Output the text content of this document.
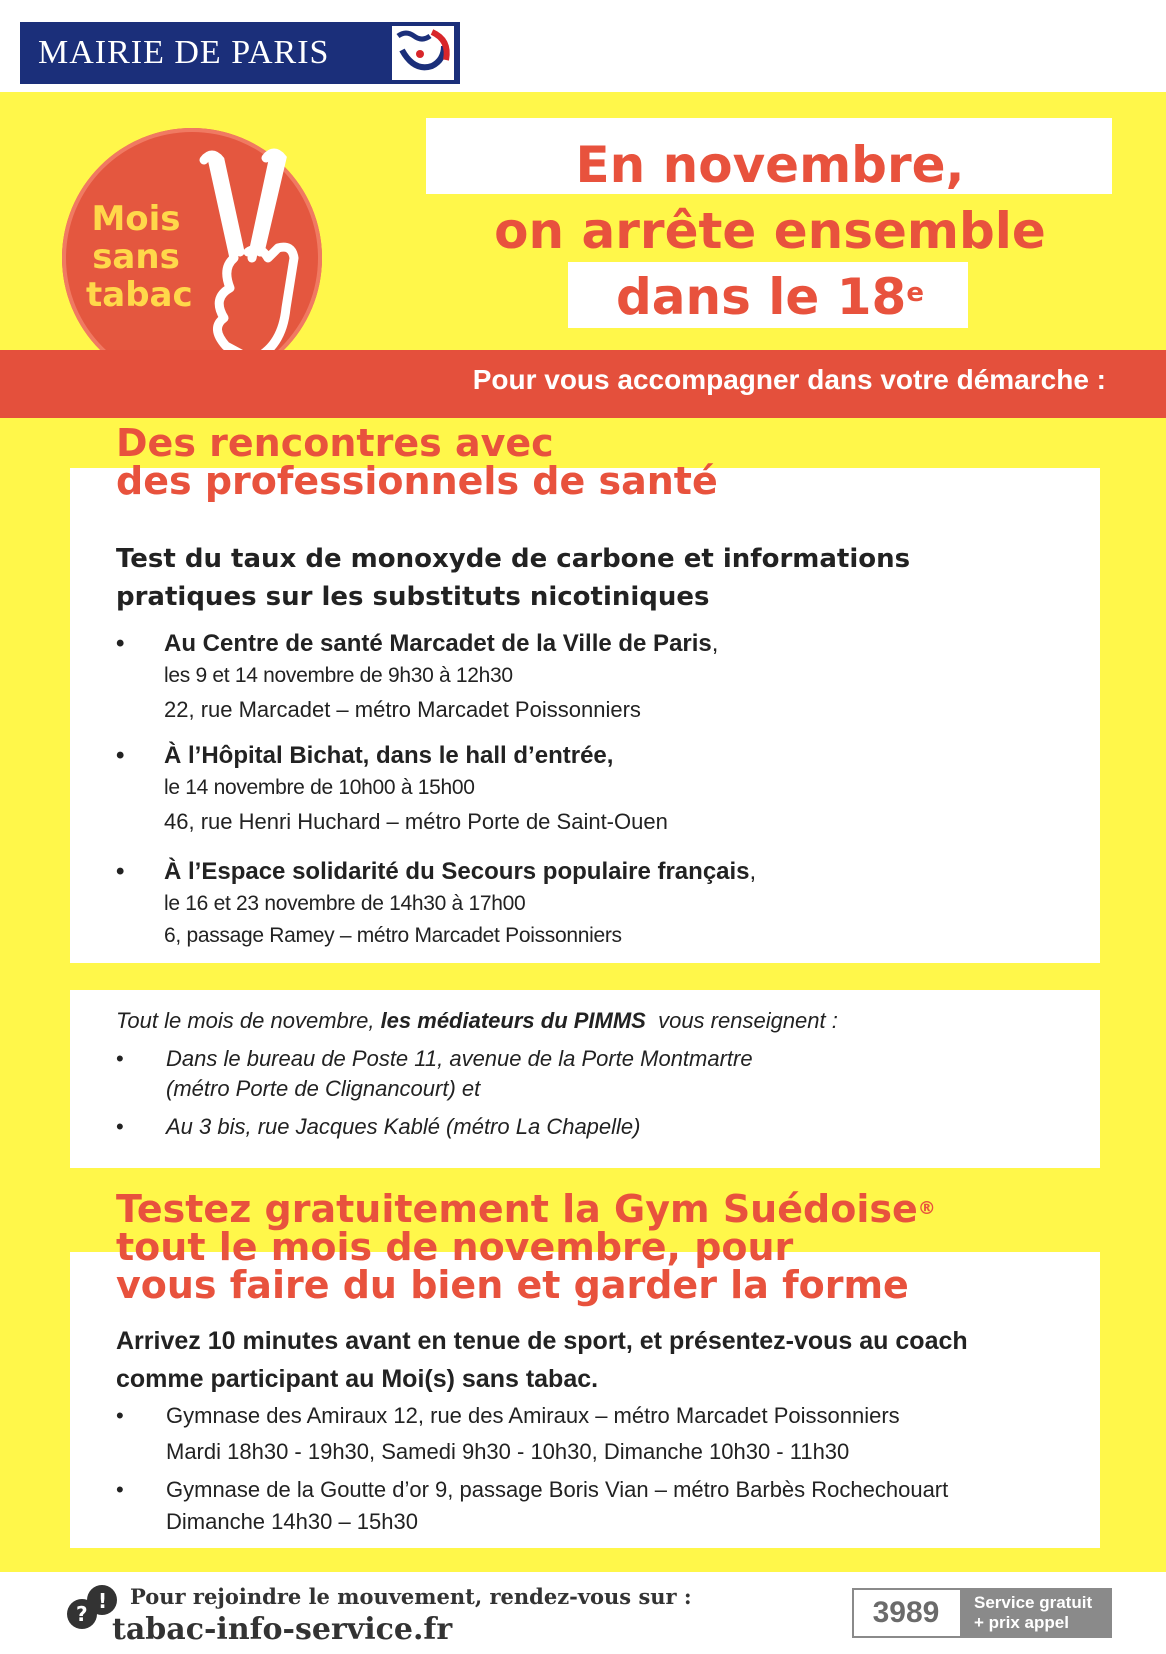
MAIRIE DE PARIS
Mois
sans
tabac
En novembre,
on arrête ensemble
dans le 18e
Pour vous accompagner dans votre démarche :
Des rencontres avec
des professionnels de santé
Test du taux de monoxyde de carbone et informations
pratiques sur les substituts nicotiniques
• Au Centre de santé Marcadet de la Ville de Paris,
les 9 et 14 novembre de 9h30 à 12h30
22, rue Marcadet – métro Marcadet Poissonniers
• À l’Hôpital Bichat, dans le hall d’entrée,
le 14 novembre de 10h00 à 15h00
46, rue Henri Huchard – métro Porte de Saint-Ouen
• À l’Espace solidarité du Secours populaire français,
le 16 et 23 novembre de 14h30 à 17h00
6, passage Ramey – métro Marcadet Poissonniers
Tout le mois de novembre, les médiateurs du PIMMS  vous renseignent :
• Dans le bureau de Poste 11, avenue de la Porte Montmartre
(métro Porte de Clignancourt) et
• Au 3 bis, rue Jacques Kablé (métro La Chapelle)
Testez gratuitement la Gym Suédoise®
tout le mois de novembre, pour
vous faire du bien et garder la forme
Arrivez 10 minutes avant en tenue de sport, et présentez-vous au coach
comme participant au Moi(s) sans tabac.
• Gymnase des Amiraux 12, rue des Amiraux – métro Marcadet Poissonniers
Mardi 18h30 - 19h30, Samedi 9h30 - 10h30, Dimanche 10h30 - 11h30
• Gymnase de la Goutte d’or 9, passage Boris Vian – métro Barbès Rochechouart
Dimanche 14h30 – 15h30
?
! Pour rejoindre le mouvement, rendez-vous sur :
tabac-info-service.fr	3989	Service gratuit
+ prix appel
